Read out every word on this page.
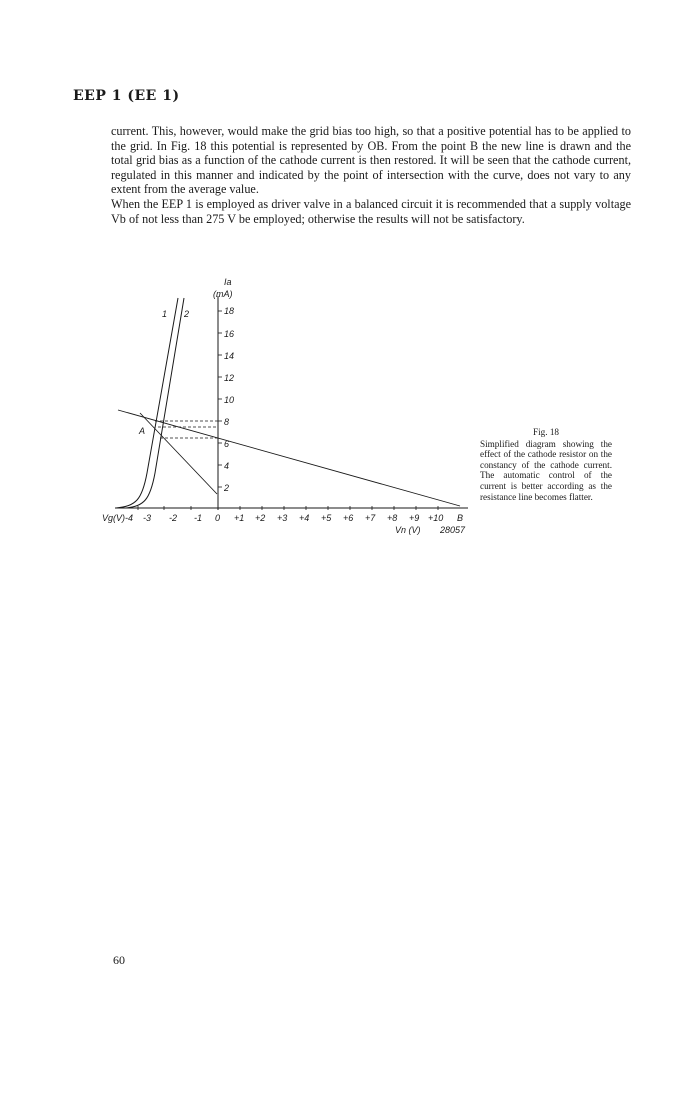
EEP 1 (EE 1)

current. This, however, would make the grid bias too high, so that a positive potential has to be applied to the grid. In Fig. 18 this potential is represented by OB. From the point B the new line is drawn and the total grid bias as a function of the cathode current is then restored. It will be seen that the cathode current, regulated in this manner and indicated by the point of intersection with the curve, does not vary to any extent from the average value.

When the EEP 1 is employed as driver valve in a balanced circuit it is recommended that a supply voltage Vb of not less than 275 V be employed; otherwise the results will not be satisfactory.

18
16
14
12
10
8
6
4
2
Ia
(mA)
Vg(V)-4 -3 -2 -1 0 +1 +2 +3 +4 +5 +6 +7 +8 +9 +10 B
Vn (V) 28057
1 2
A	Fig. 18
Simplified diagram showing the effect of the cathode resistor on the constancy of the cathode current. The automatic control of the current is better according as the resistance line becomes flatter.
60
